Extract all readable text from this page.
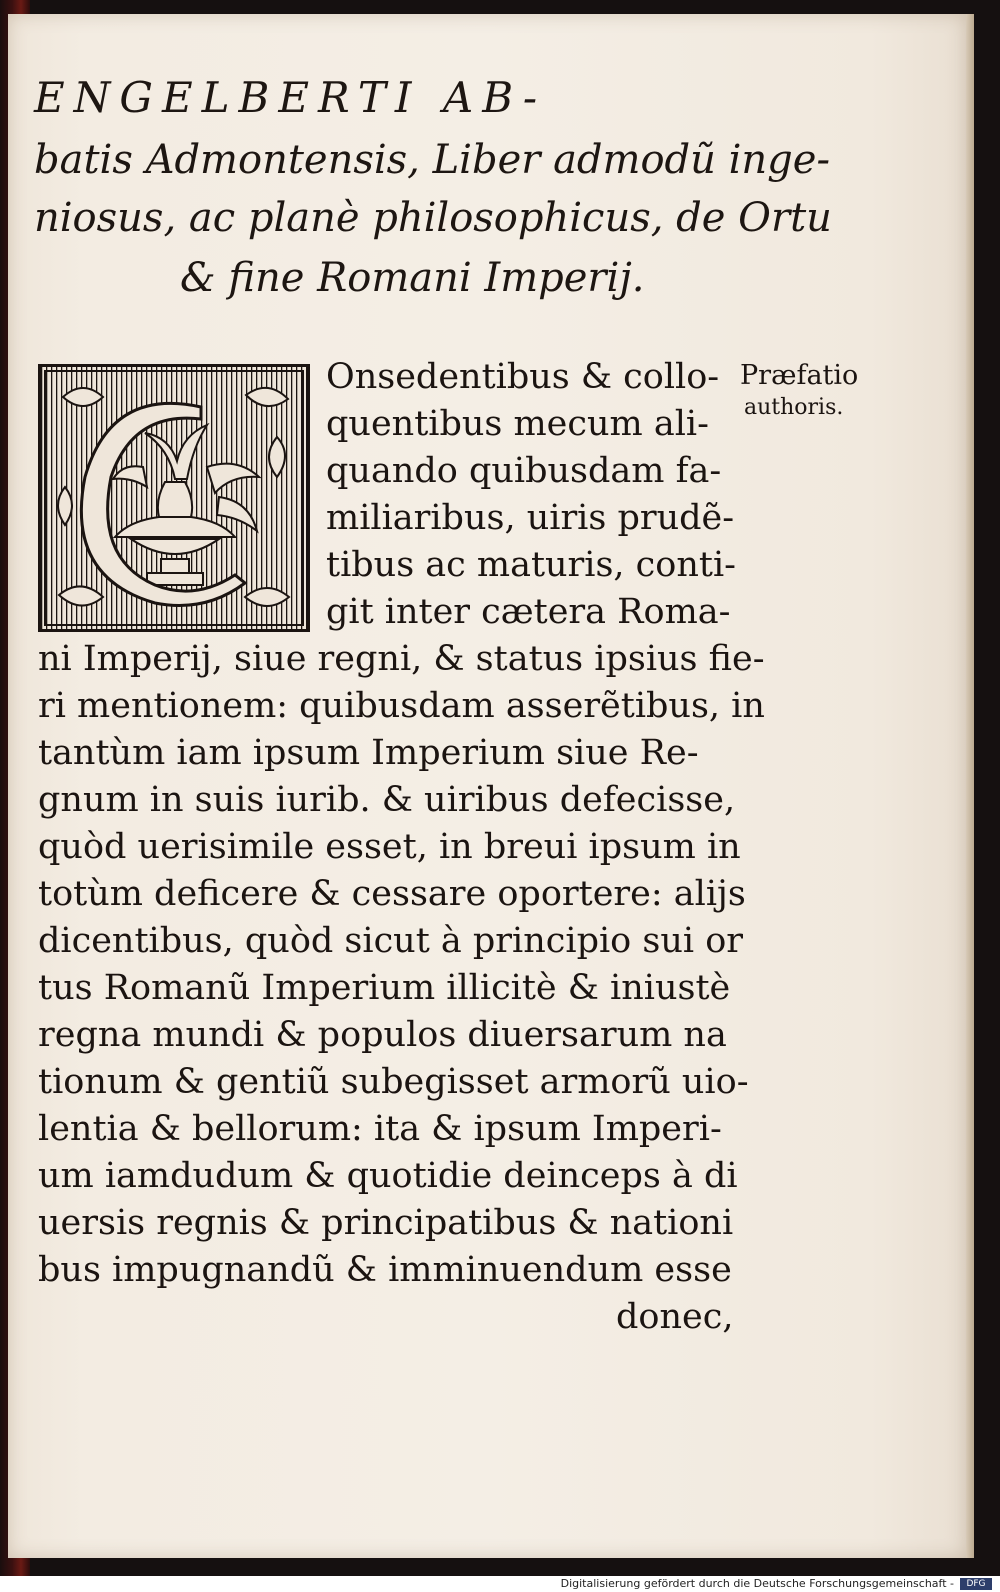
ENGELBERTI AB-
batis Admontensis, Liber admodũ inge-
niosus, ac planè philosophicus, de Ortu
& fine Romani Imperij.
Onsedentibus & collo-
quentibus mecum ali-
quando quibusdam fa-
miliaribus, uiris prudẽ-
tibus ac maturis, conti-
git inter cætera Roma-
ni Imperij, siue regni, & status ipsius fie-
ri mentionem: quibusdam asserẽtibus, in
tantùm iam ipsum Imperium siue Re-
gnum in suis iurib. & uiribus defecisse,
quòd uerisimile esset, in breui ipsum in
totùm deficere & cessare oportere: alijs
dicentibus, quòd sicut à principio sui or
tus Romanũ Imperium illicitè & iniustè
regna mundi & populos diuersarum na
tionum & gentiũ subegisset armorũ uio-
lentia & bellorum: ita & ipsum Imperi-
um iamdudum & quotidie deinceps à di
uersis regnis & principatibus & nationi
bus impugnandũ & imminuendum esse
donec,
Præfatio
authoris.
Digitalisierung gefördert durch die Deutsche Forschungsgemeinschaft -	DFG
